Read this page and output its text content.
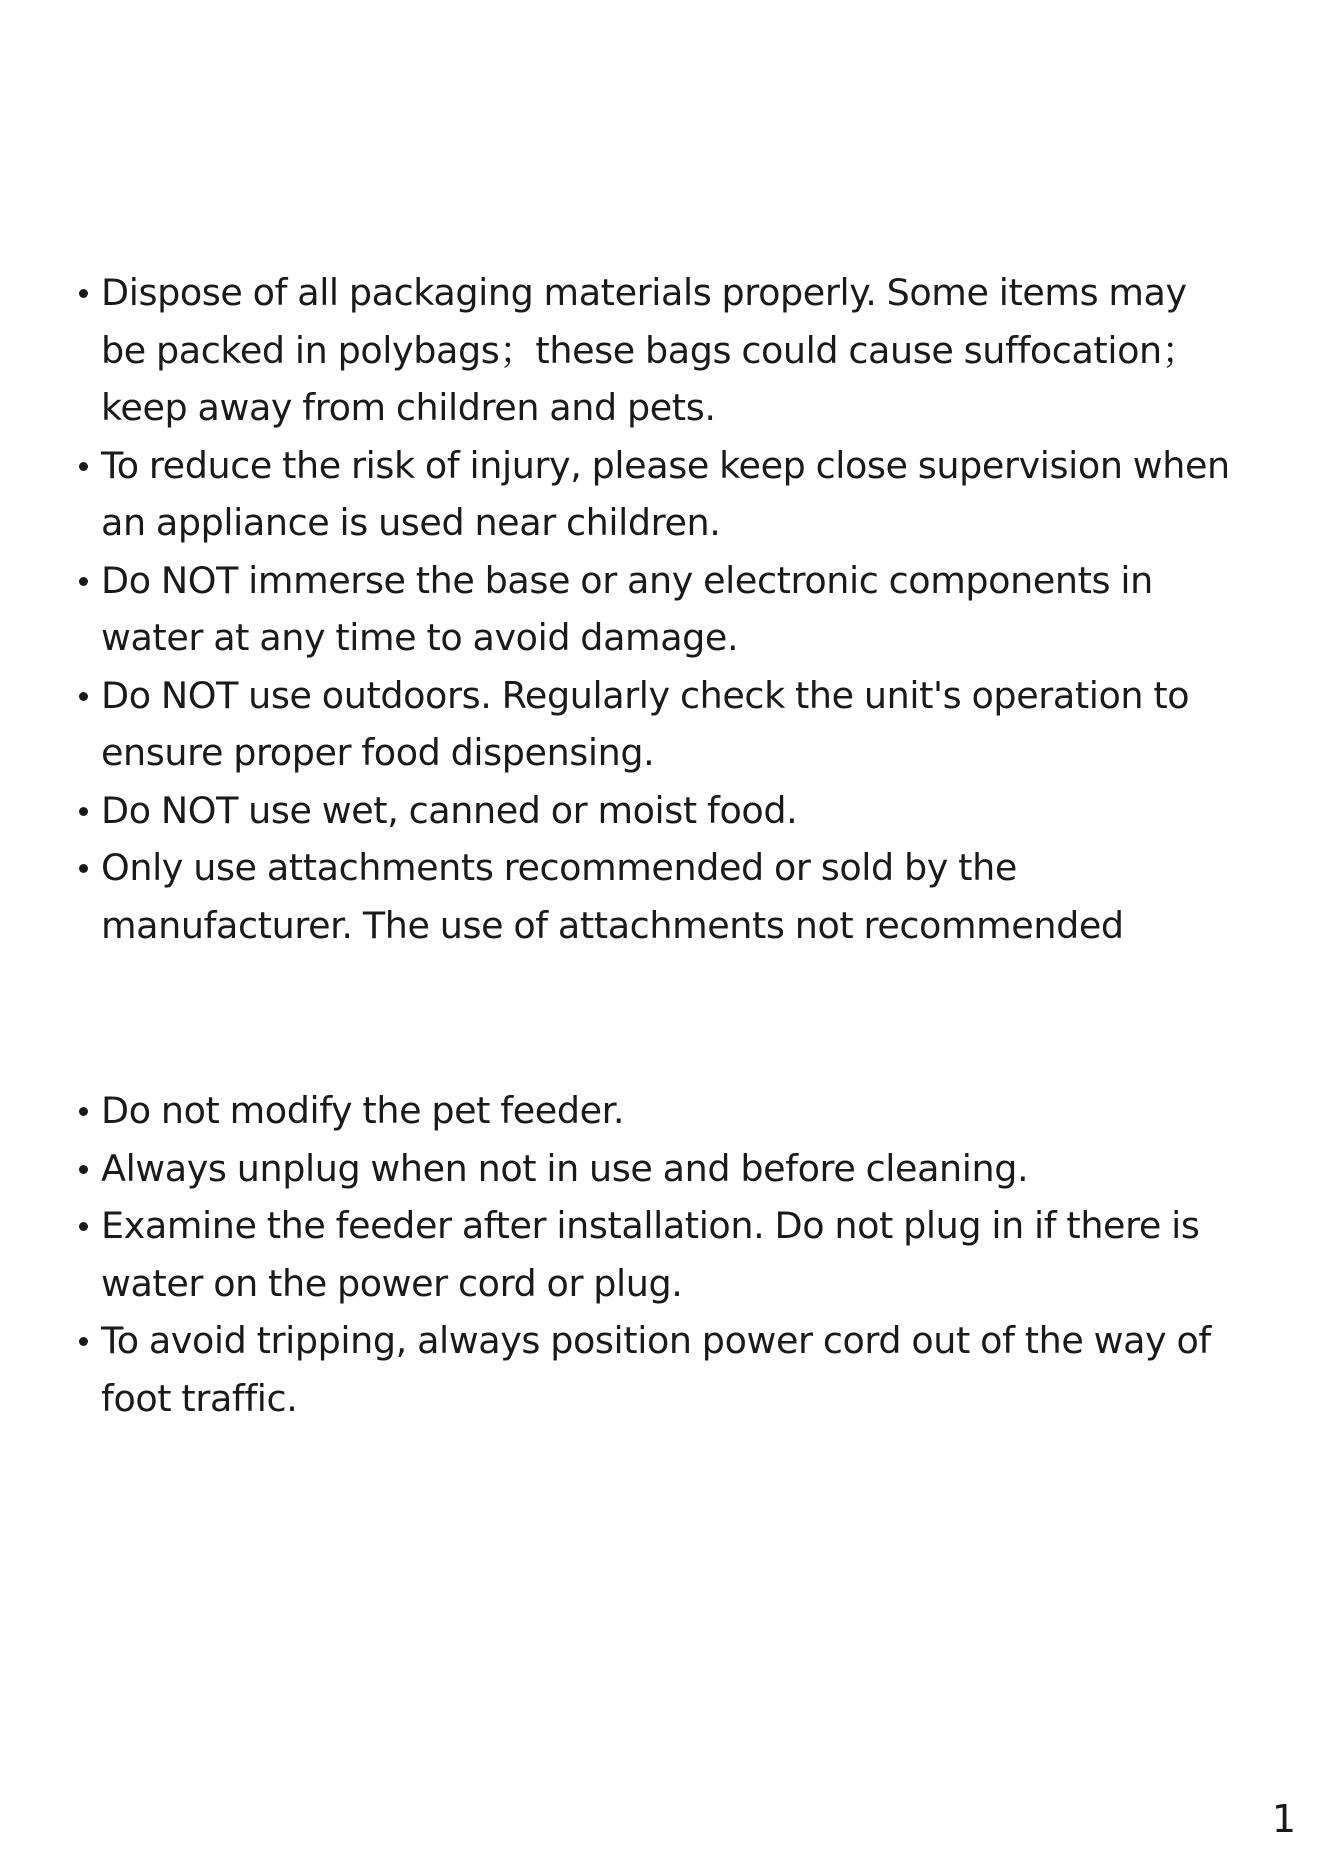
Dispose of all packaging materials properly. Some items may be packed in polybags；these bags could cause suffocation；keep away from children and pets.
To reduce the risk of injury, please keep close supervision when an appliance is used near children.
Do NOT immerse the base or any electronic components in water at any time to avoid damage.
Do NOT use outdoors. Regularly check the unit's operation to ensure proper food dispensing.
Do NOT use wet, canned or moist food.
Only use attachments recommended or sold by the manufacturer. The use of attachments not recommended
Do not modify the pet feeder.
Always unplug when not in use and before cleaning.
Examine the feeder after installation. Do not plug in if there is water on the power cord or plug.
To avoid tripping, always position power cord out of the way of foot traffic.
1
